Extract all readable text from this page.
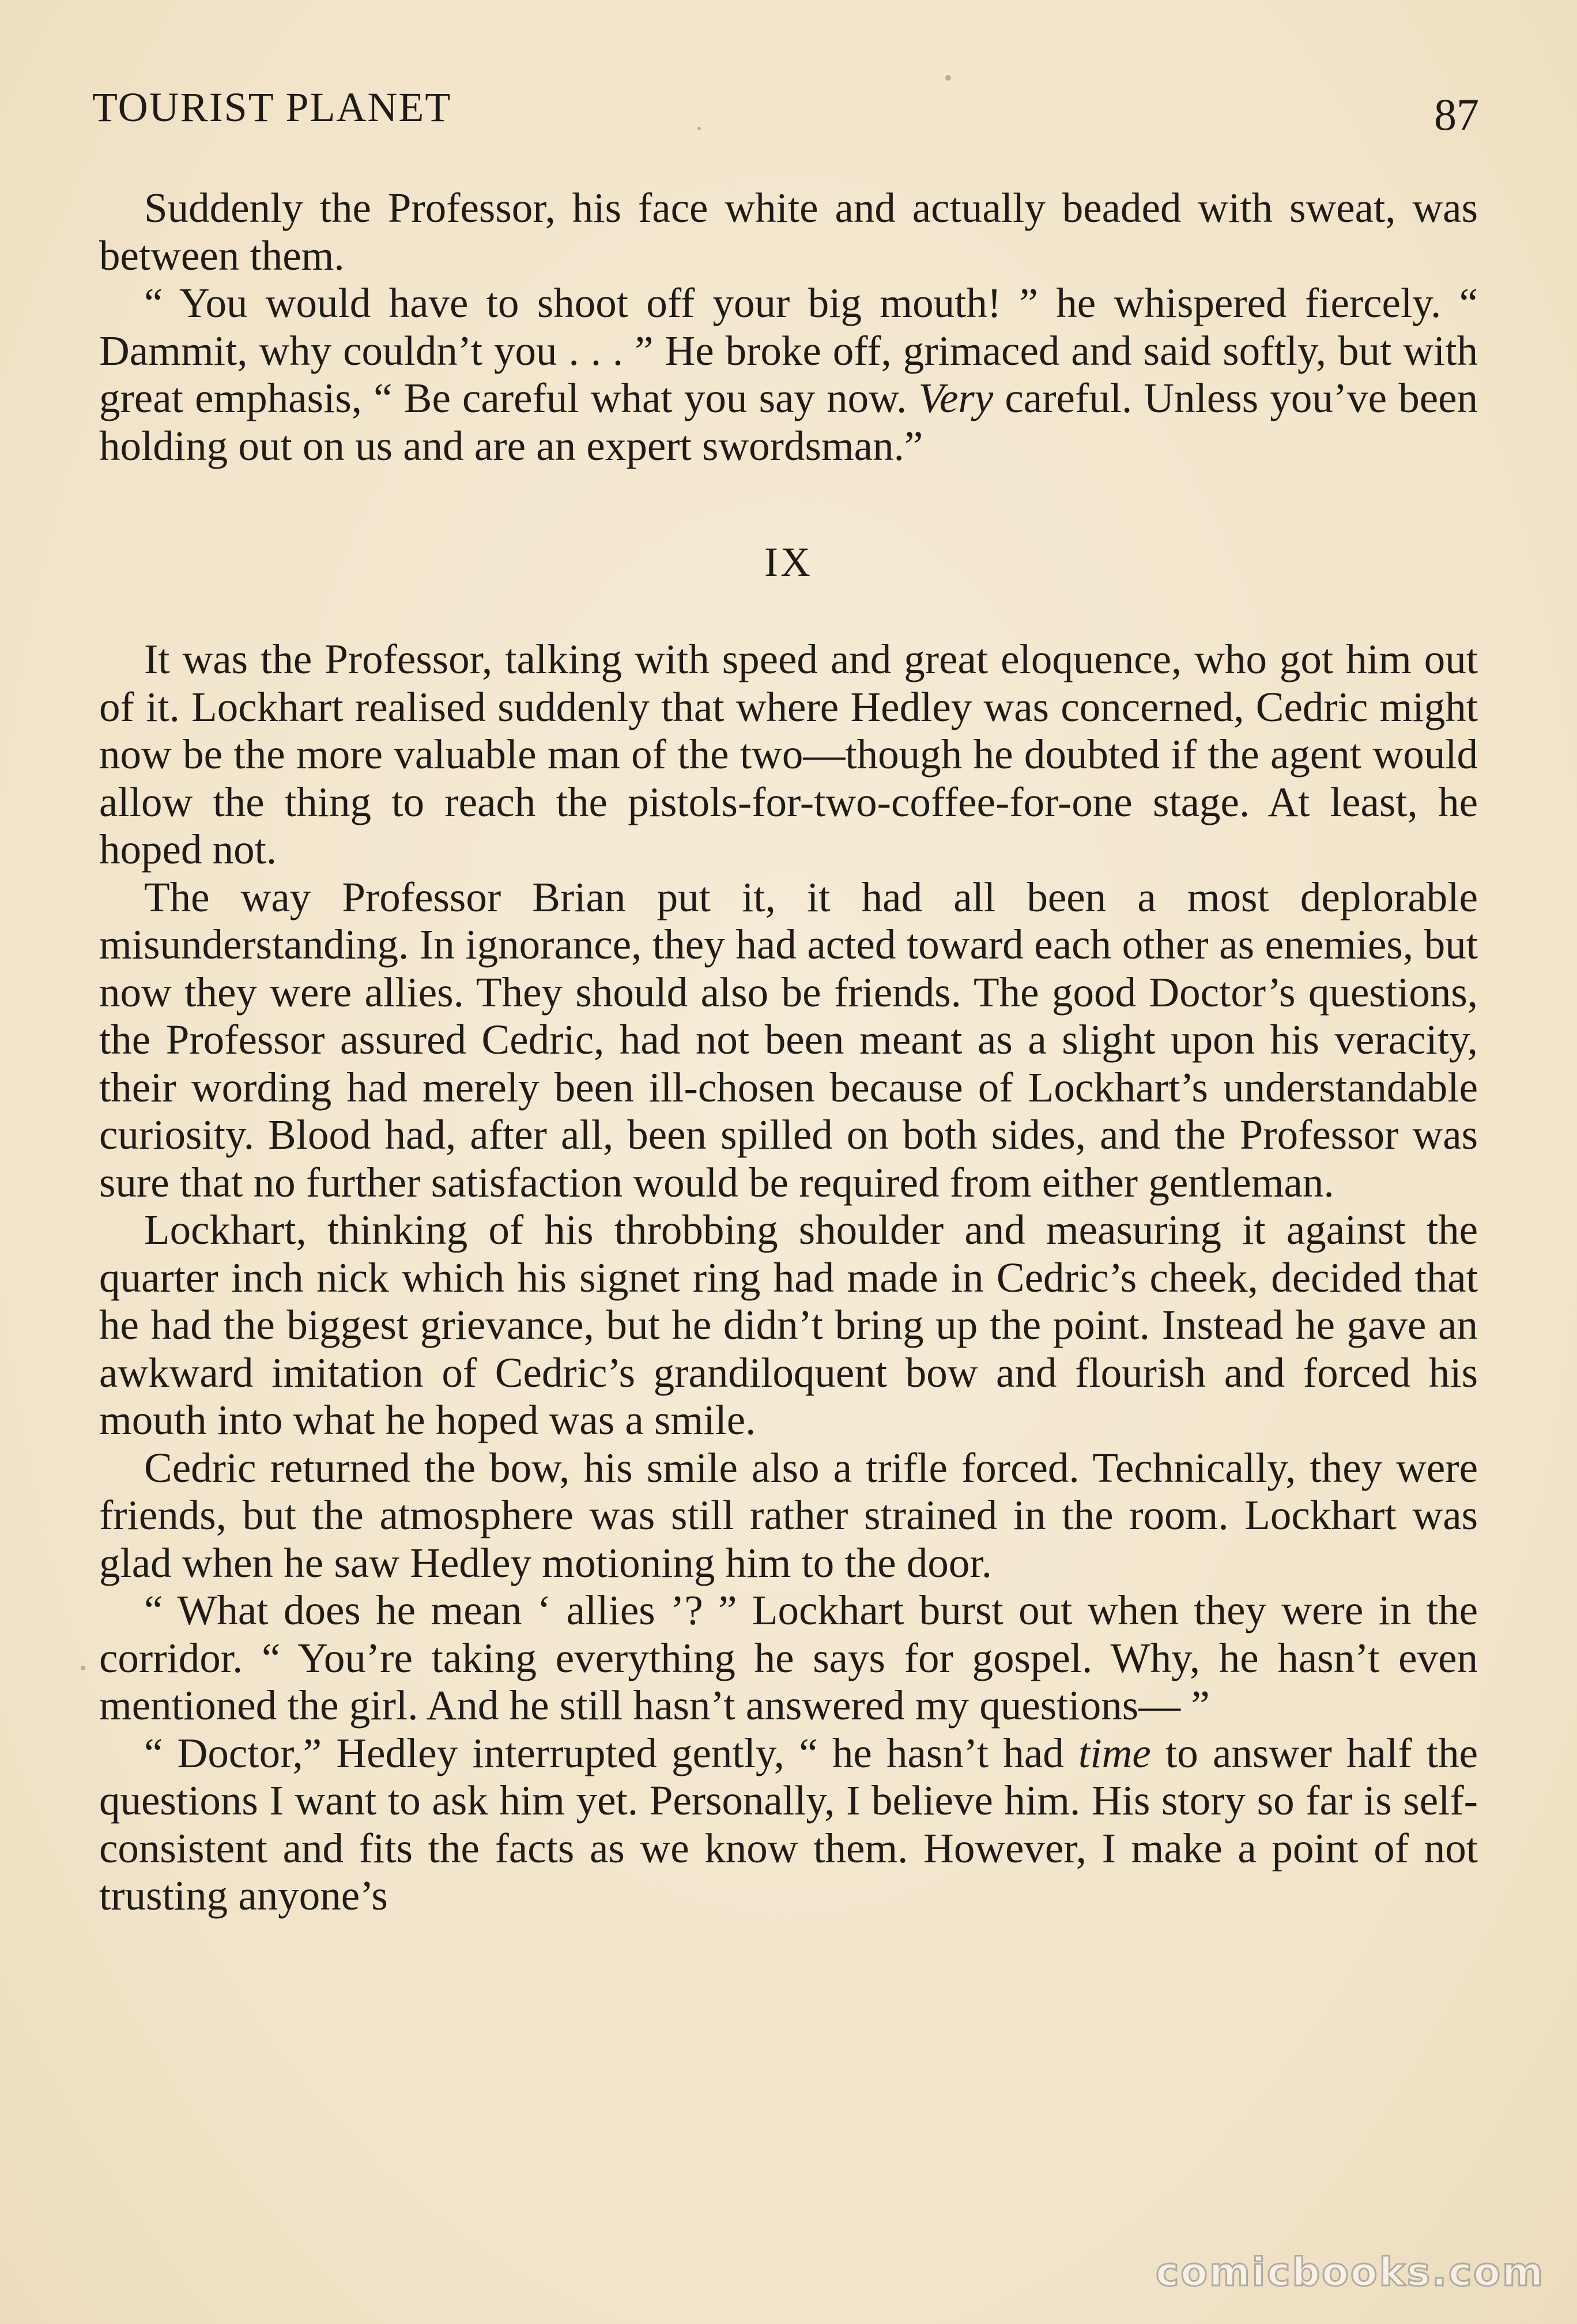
TOURIST PLANET	87

Suddenly the Professor, his face white and actually beaded with sweat, was between them.

“ You would have to shoot off your big mouth! ” he whispered fiercely. “ Dammit, why couldn’t you . . . ” He broke off, grimaced and said softly, but with great emphasis, “ Be careful what you say now. Very careful. Unless you’ve been holding out on us and are an expert swordsman.”

IX

It was the Professor, talking with speed and great eloquence, who got him out of it. Lockhart realised suddenly that where Hedley was concerned, Cedric might now be the more valuable man of the two—though he doubted if the agent would allow the thing to reach the pistols-for-two-coffee-for-one stage. At least, he hoped not.

The way Professor Brian put it, it had all been a most deplorable misunderstanding. In ignorance, they had acted toward each other as enemies, but now they were allies. They should also be friends. The good Doctor’s questions, the Professor assured Cedric, had not been meant as a slight upon his veracity, their wording had merely been ill-chosen because of Lockhart’s understandable curiosity. Blood had, after all, been spilled on both sides, and the Professor was sure that no further satisfaction would be required from either gentleman.

Lockhart, thinking of his throbbing shoulder and measuring it against the quarter inch nick which his signet ring had made in Cedric’s cheek, decided that he had the biggest grievance, but he didn’t bring up the point. Instead he gave an awkward imitation of Cedric’s grandiloquent bow and flourish and forced his mouth into what he hoped was a smile.

Cedric returned the bow, his smile also a trifle forced. Technically, they were friends, but the atmosphere was still rather strained in the room. Lockhart was glad when he saw Hedley motioning him to the door.

“ What does he mean ‘ allies ’? ” Lockhart burst out when they were in the corridor. “ You’re taking everything he says for gospel. Why, he hasn’t even mentioned the girl. And he still hasn’t answered my questions— ”

“ Doctor,” Hedley interrupted gently, “ he hasn’t had time to answer half the questions I want to ask him yet. Personally, I believe him. His story so far is self-consistent and fits the facts as we know them. However, I make a point of not trusting anyone’s

comicbooks.com
